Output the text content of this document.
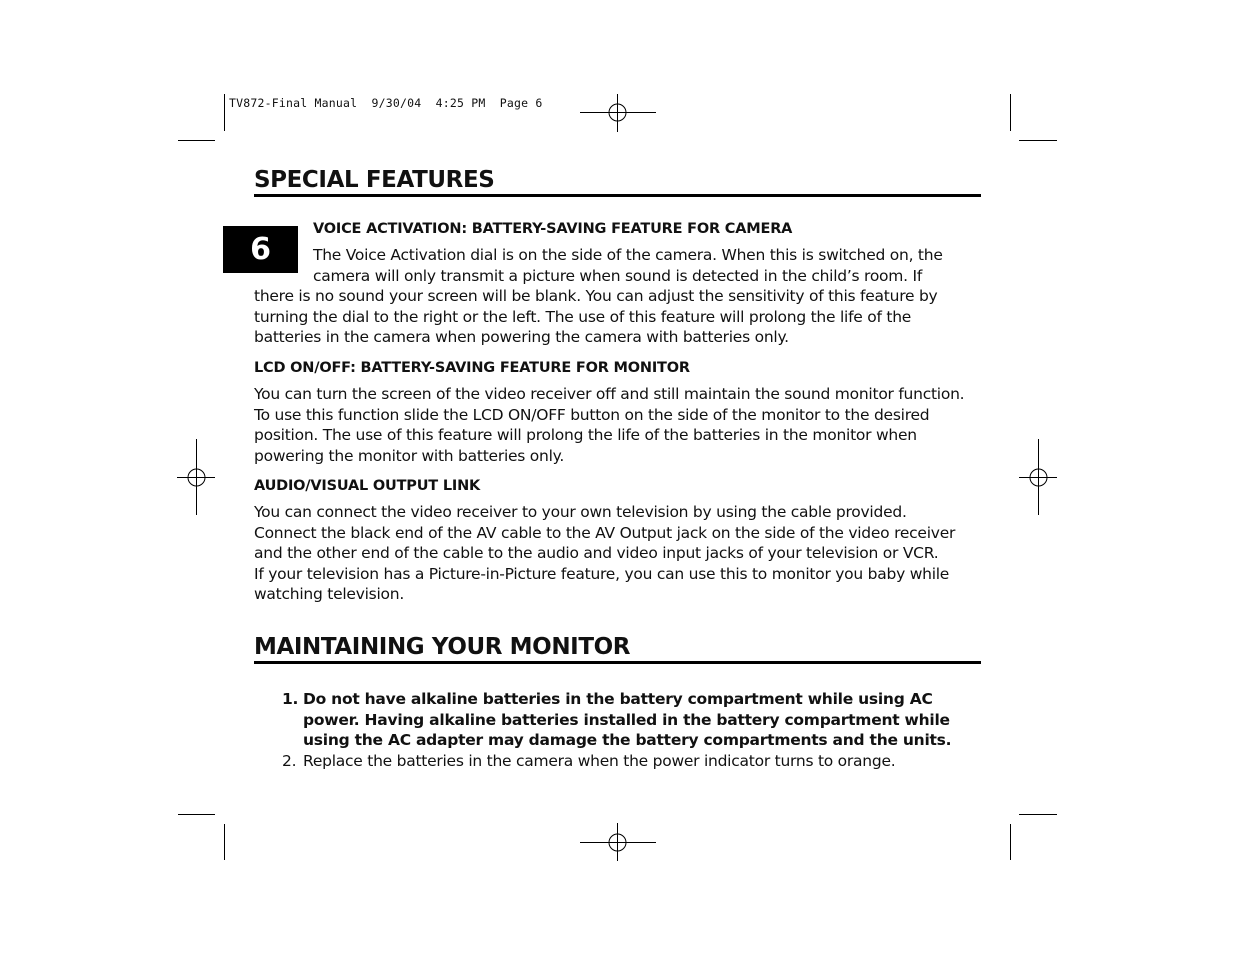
TV872-Final Manual  9/30/04  4:25 PM  Page 6
SPECIAL FEATURES
6
VOICE ACTIVATION: BATTERY-SAVING FEATURE FOR CAMERA
The Voice Activation dial is on the side of the camera. When this is switched on, the
camera will only transmit a picture when sound is detected in the child’s room. If
there is no sound your screen will be blank. You can adjust the sensitivity of this feature by
turning the dial to the right or the left. The use of this feature will prolong the life of the
batteries in the camera when powering the camera with batteries only.
LCD ON/OFF: BATTERY-SAVING FEATURE FOR MONITOR
You can turn the screen of the video receiver off and still maintain the sound monitor function.
To use this function slide the LCD ON/OFF button on the side of the monitor to the desired
position. The use of this feature will prolong the life of the batteries in the monitor when
powering the monitor with batteries only.
AUDIO/VISUAL OUTPUT LINK
You can connect the video receiver to your own television by using the cable provided.
Connect the black end of the AV cable to the AV Output jack on the side of the video receiver
and the other end of the cable to the audio and video input jacks of your television or VCR.
If your television has a Picture-in-Picture feature, you can use this to monitor you baby while
watching television.
MAINTAINING YOUR MONITOR
1. Do not have alkaline batteries in the battery compartment while using AC
power. Having alkaline batteries installed in the battery compartment while
using the AC adapter may damage the battery compartments and the units.
2. Replace the batteries in the camera when the power indicator turns to orange.
